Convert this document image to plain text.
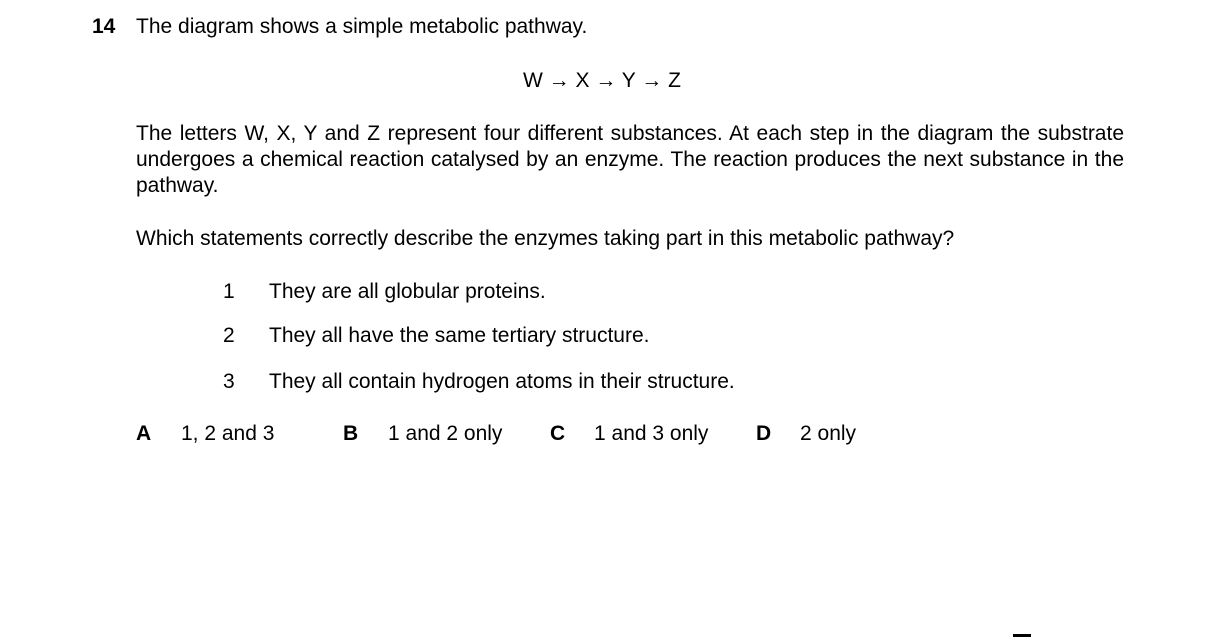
14 The diagram shows a simple metabolic pathway.
W → X → Y → Z
The letters W, X, Y and Z represent four different substances. At each step in the diagram the substrate undergoes a chemical reaction catalysed by an enzyme. The reaction produces the next substance in the pathway.
Which statements correctly describe the enzymes taking part in this metabolic pathway?
1 They are all globular proteins.
2 They all have the same tertiary structure.
3 They all contain hydrogen atoms in their structure.
A 1, 2 and 3	B 1 and 2 only C 1 and 3 only D 2 only
